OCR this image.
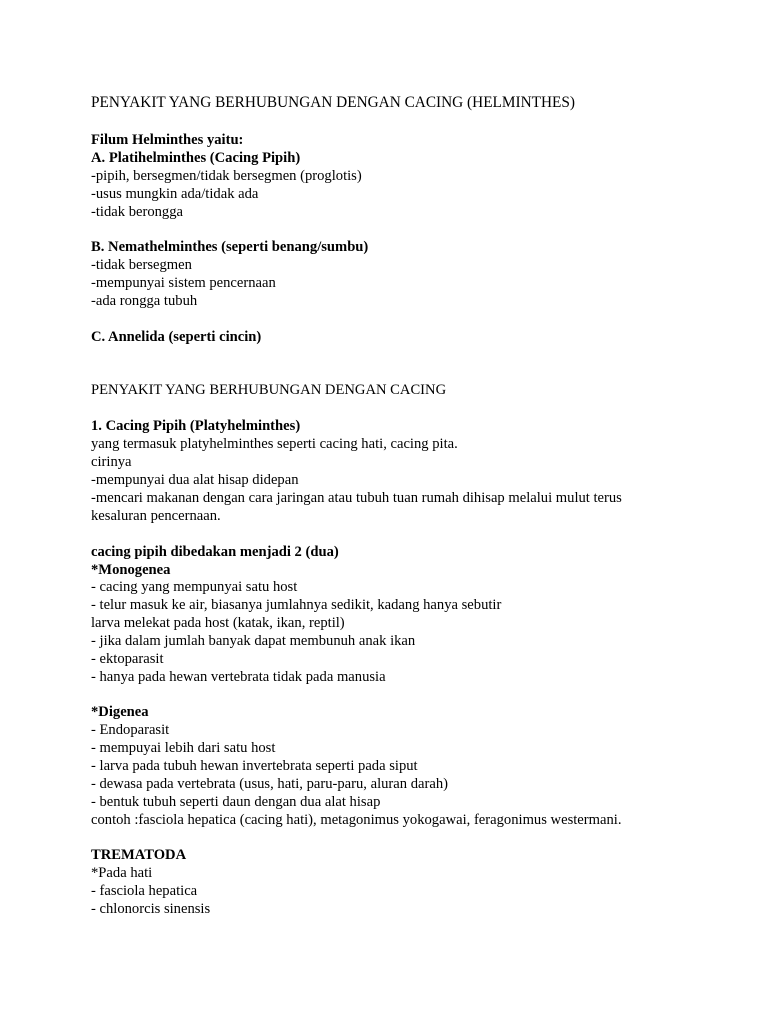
PENYAKIT YANG BERHUBUNGAN DENGAN CACING (HELMINTHES)
Filum Helminthes yaitu:
A. Platihelminthes (Cacing Pipih)
-pipih, bersegmen/tidak bersegmen (proglotis)
-usus mungkin ada/tidak ada
-tidak berongga
B. Nemathelminthes (seperti benang/sumbu)
-tidak bersegmen
-mempunyai sistem pencernaan
-ada rongga tubuh
C. Annelida (seperti cincin)
PENYAKIT YANG BERHUBUNGAN DENGAN CACING
1. Cacing Pipih (Platyhelminthes)
yang termasuk platyhelminthes seperti cacing hati, cacing pita.
cirinya
-mempunyai dua alat hisap didepan
-mencari makanan dengan cara jaringan atau tubuh tuan rumah dihisap melalui mulut terus
kesaluran pencernaan.
cacing pipih dibedakan menjadi 2 (dua)
*Monogenea
- cacing yang mempunyai satu host
- telur masuk ke air, biasanya jumlahnya sedikit, kadang hanya sebutir
larva melekat pada host (katak, ikan, reptil)
- jika dalam jumlah banyak dapat membunuh anak ikan
- ektoparasit
- hanya pada hewan vertebrata tidak pada manusia
*Digenea
- Endoparasit
- mempuyai lebih dari satu host
- larva pada tubuh hewan invertebrata seperti pada siput
- dewasa pada vertebrata (usus, hati, paru-paru, aluran darah)
- bentuk tubuh seperti daun dengan dua alat hisap
contoh :fasciola hepatica (cacing hati), metagonimus yokogawai, feragonimus westermani.
TREMATODA
*Pada hati
- fasciola hepatica
- chlonorcis sinensis
